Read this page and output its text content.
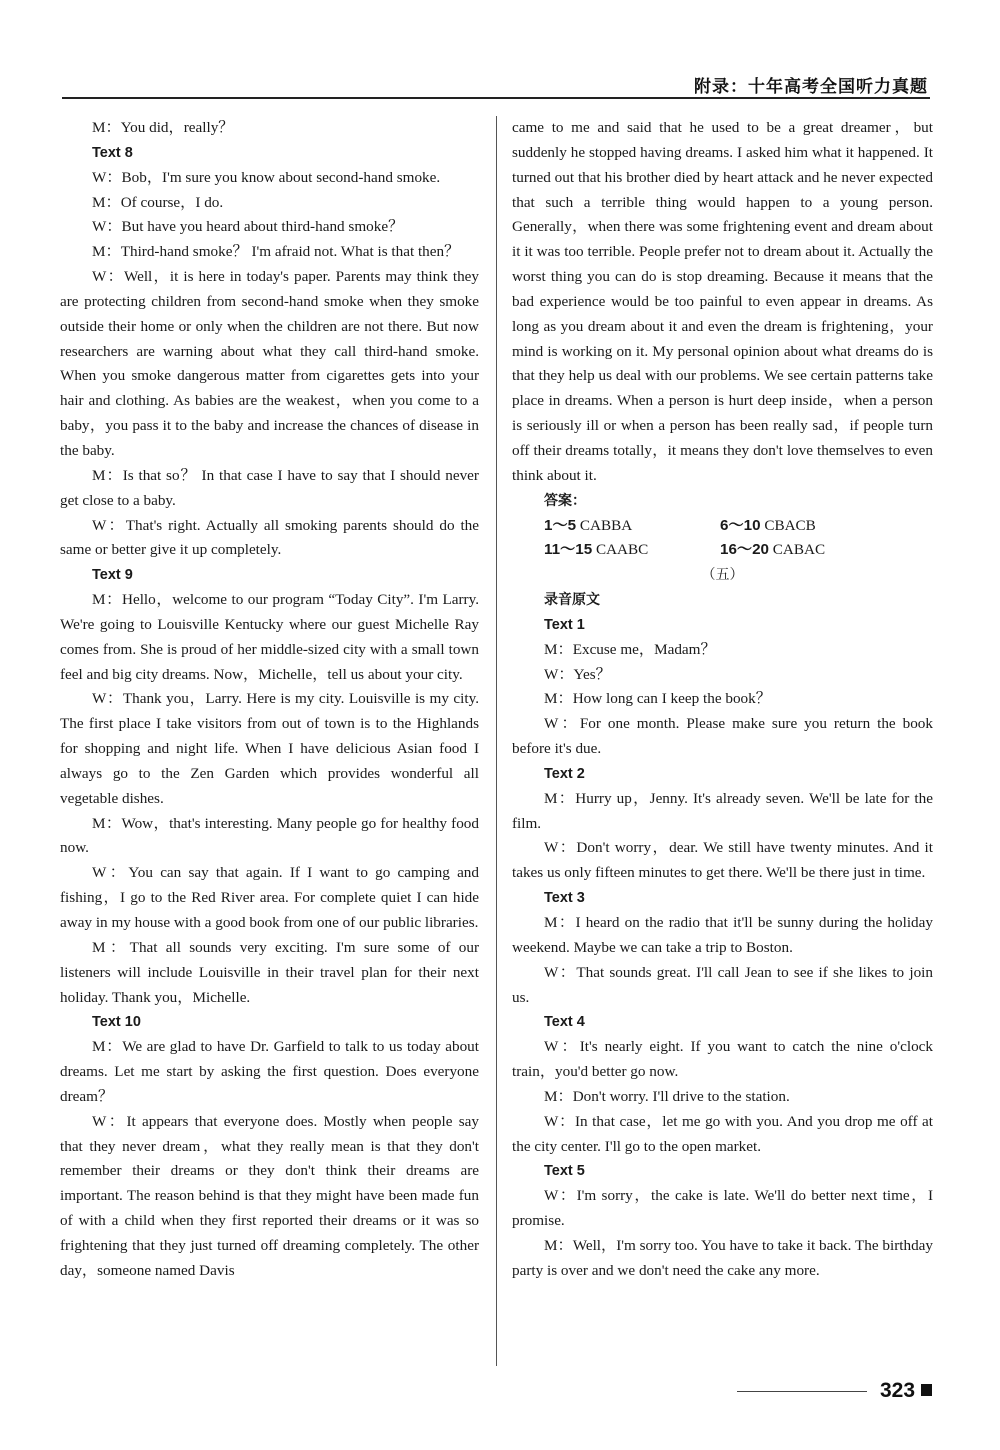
附录：十年高考全国听力真题

M：You did，really？

Text 8

W：Bob，I'm sure you know about second-hand smoke.

M：Of course，I do.

W：But have you heard about third-hand smoke？

M：Third-hand smoke？ I'm afraid not. What is that then？

W：Well，it is here in today's paper. Parents may think they are protecting children from second-hand smoke when they smoke outside their home or only when the children are not there. But now researchers are warning about what they call third-hand smoke. When you smoke dangerous matter from cigarettes gets into your hair and clothing. As babies are the weakest，when you come to a baby，you pass it to the baby and increase the chances of disease in the baby.

M：Is that so？ In that case I have to say that I should never get close to a baby.

W：That's right. Actually all smoking parents should do the same or better give it up completely.

Text 9

M：Hello，welcome to our program “Today City”. I'm Larry. We're going to Louisville Kentucky where our guest Michelle Ray comes from. She is proud of her middle-sized city with a small town feel and big city dreams. Now，Michelle，tell us about your city.

W：Thank you，Larry. Here is my city. Louisville is my city. The first place I take visitors from out of town is to the Highlands for shopping and night life. When I have delicious Asian food I always go to the Zen Garden which provides wonderful all vegetable dishes.

M：Wow，that's interesting. Many people go for healthy food now.

W：You can say that again. If I want to go camping and fishing，I go to the Red River area. For complete quiet I can hide away in my house with a good book from one of our public libraries.

M：That all sounds very exciting. I'm sure some of our listeners will include Louisville in their travel plan for their next holiday. Thank you，Michelle.

Text 10

M：We are glad to have Dr. Garfield to talk to us today about dreams. Let me start by asking the first question. Does everyone dream？

W：It appears that everyone does. Mostly when people say that they never dream，what they really mean is that they don't remember their dreams or they don't think their dreams are important. The reason behind is that they might have been made fun of with a child when they first reported their dreams or it was so frightening that they just turned off dreaming completely. The other day，someone named Davis

came to me and said that he used to be a great dreamer，but suddenly he stopped having dreams. I asked him what it happened. It turned out that his brother died by heart attack and he never expected that such a terrible thing would happen to a young person. Generally，when there was some frightening event and dream about it it was too terrible. People prefer not to dream about it. Actually the worst thing you can do is stop dreaming. Because it means that the bad experience would be too painful to even appear in dreams. As long as you dream about it and even the dream is frightening，your mind is working on it. My personal opinion about what dreams do is that they help us deal with our problems. We see certain patterns take place in dreams. When a person is hurt deep inside，when a person is seriously ill or when a person has been really sad，if people turn off their dreams totally，it means they don't love themselves to even think about it.

答案：

1～5 CABBA	6～10 CBACB
11～15 CAABC	16～20 CABAC

（五）

录音原文

Text 1

M：Excuse me，Madam？

W：Yes？

M：How long can I keep the book？

W：For one month. Please make sure you return the book before it's due.

Text 2

M：Hurry up，Jenny. It's already seven. We'll be late for the film.

W：Don't worry，dear. We still have twenty minutes. And it takes us only fifteen minutes to get there. We'll be there just in time.

Text 3

M：I heard on the radio that it'll be sunny during the holiday weekend. Maybe we can take a trip to Boston.

W：That sounds great. I'll call Jean to see if she likes to join us.

Text 4

W：It's nearly eight. If you want to catch the nine o'clock train，you'd better go now.

M：Don't worry. I'll drive to the station.

W：In that case，let me go with you. And you drop me off at the city center. I'll go to the open market.

Text 5

W：I'm sorry，the cake is late. We'll do better next time，I promise.

M：Well，I'm sorry too. You have to take it back. The birthday party is over and we don't need the cake any more.

323
